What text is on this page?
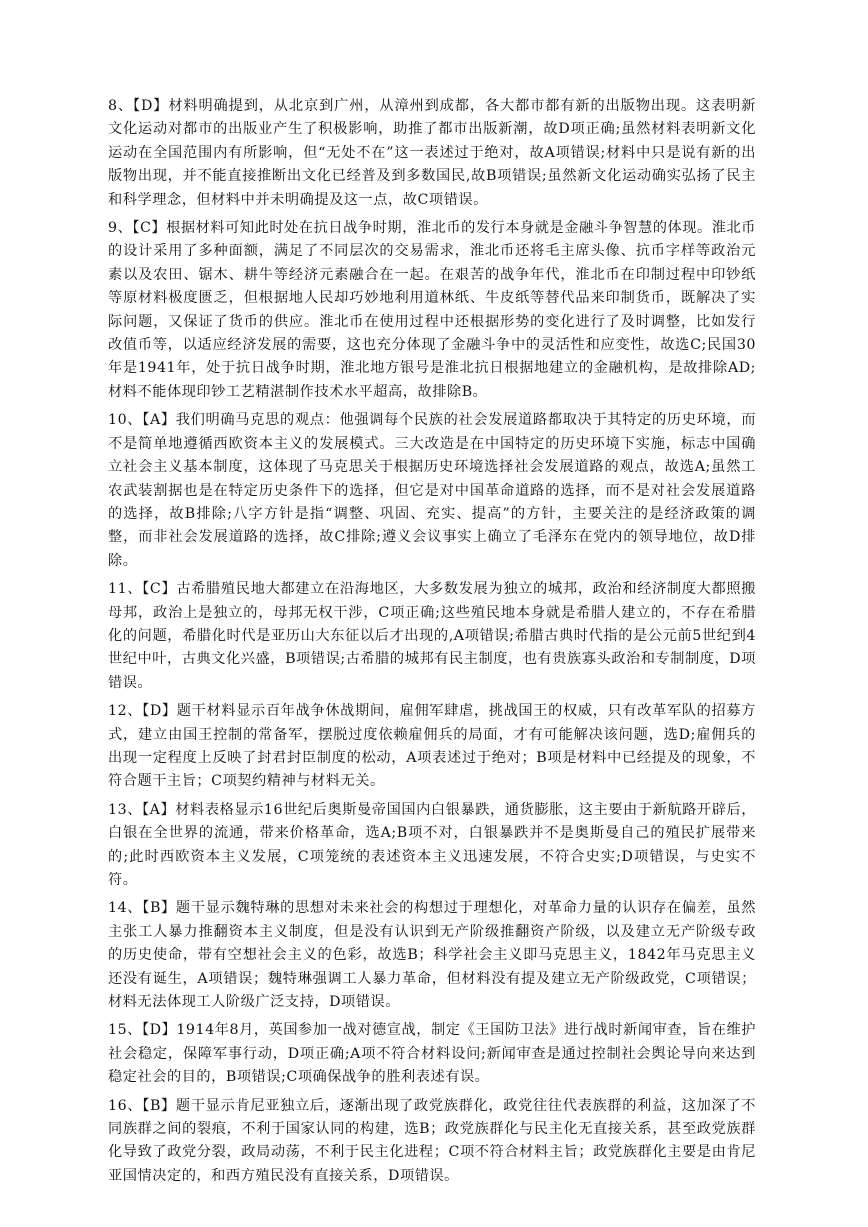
8、【D】材料明确提到，从北京到广州，从漳州到成都，各大都市都有新的出版物出现。这表明新文化运动对都市的出版业产生了积极影响，助推了都市出版新潮，故D项正确;虽然材料表明新文化运动在全国范围内有所影响，但“无处不在”这一表述过于绝对，故A项错误;材料中只是说有新的出版物出现，并不能直接推断出文化已经普及到多数国民,故B项错误;虽然新文化运动确实弘扬了民主和科学理念，但材料中并未明确提及这一点，故C项错误。

9、【C】根据材料可知此时处在抗日战争时期，淮北币的发行本身就是金融斗争智慧的体现。淮北币的设计采用了多种面额，满足了不同层次的交易需求，淮北币还将毛主席头像、抗币字样等政治元素以及农田、锯木、耕牛等经济元素融合在一起。在艰苦的战争年代，淮北币在印制过程中印钞纸等原材料极度匮乏，但根据地人民却巧妙地利用道林纸、牛皮纸等替代品来印制货币，既解决了实际问题，又保证了货币的供应。淮北币在使用过程中还根据形势的变化进行了及时调整，比如发行改值币等，以适应经济发展的需要，这也充分体现了金融斗争中的灵活性和应变性，故选C;民国30年是1941年，处于抗日战争时期，淮北地方银号是淮北抗日根据地建立的金融机构，是故排除AD;材料不能体现印钞工艺精湛制作技术水平超高，故排除B。

10、【A】我们明确马克思的观点：他强调每个民族的社会发展道路都取决于其特定的历史环境，而不是简单地遵循西欧资本主义的发展模式。三大改造是在中国特定的历史环境下实施，标志中国确立社会主义基本制度，这体现了马克思关于根据历史环境选择社会发展道路的观点，故选A;虽然工农武装割据也是在特定历史条件下的选择，但它是对中国革命道路的选择，而不是对社会发展道路的选择，故B排除;八字方针是指“调整、巩固、充实、提高”的方针，主要关注的是经济政策的调整，而非社会发展道路的选择，故C排除;遵义会议事实上确立了毛泽东在党内的领导地位，故D排除。

11、【C】古希腊殖民地大都建立在沿海地区，大多数发展为独立的城邦，政治和经济制度大都照搬母邦，政治上是独立的，母邦无权干涉，C项正确;这些殖民地本身就是希腊人建立的，不存在希腊化的问题，希腊化时代是亚历山大东征以后才出现的,A项错误;希腊古典时代指的是公元前5世纪到4世纪中叶，古典文化兴盛，B项错误;古希腊的城邦有民主制度，也有贵族寡头政治和专制制度，D项错误。

12、【D】题干材料显示百年战争休战期间，雇佣军肆虐，挑战国王的权威，只有改革军队的招募方式，建立由国王控制的常备军，摆脱过度依赖雇佣兵的局面，才有可能解决该问题，选D;雇佣兵的出现一定程度上反映了封君封臣制度的松动，A项表述过于绝对；B项是材料中已经提及的现象，不符合题干主旨；C项契约精神与材料无关。

13、【A】材料表格显示16世纪后奥斯曼帝国国内白银暴跌，通货膨胀，这主要由于新航路开辟后，白银在全世界的流通，带来价格革命，选A;B项不对，白银暴跌并不是奥斯曼自己的殖民扩展带来的;此时西欧资本主义发展，C项笼统的表述资本主义迅速发展，不符合史实;D项错误，与史实不符。

14、【B】题干显示魏特琳的思想对未来社会的构想过于理想化，对革命力量的认识存在偏差，虽然主张工人暴力推翻资本主义制度，但是没有认识到无产阶级推翻资产阶级，以及建立无产阶级专政的历史使命，带有空想社会主义的色彩，故选B；科学社会主义即马克思主义，1842年马克思主义还没有诞生，A项错误；魏特琳强调工人暴力革命，但材料没有提及建立无产阶级政党，C项错误；材料无法体现工人阶级广泛支持，D项错误。

15、【D】1914年8月，英国参加一战对德宣战，制定《王国防卫法》进行战时新闻审查，旨在维护社会稳定，保障军事行动，D项正确;A项不符合材料设问;新闻审查是通过控制社会舆论导向来达到稳定社会的目的，B项错误;C项确保战争的胜利表述有误。

16、【B】题干显示肯尼亚独立后，逐渐出现了政党族群化，政党往往代表族群的利益，这加深了不同族群之间的裂痕，不利于国家认同的构建，选B；政党族群化与民主化无直接关系，甚至政党族群化导致了政党分裂，政局动荡，不利于民主化进程；C项不符合材料主旨；政党族群化主要是由肯尼亚国情决定的，和西方殖民没有直接关系，D项错误。
